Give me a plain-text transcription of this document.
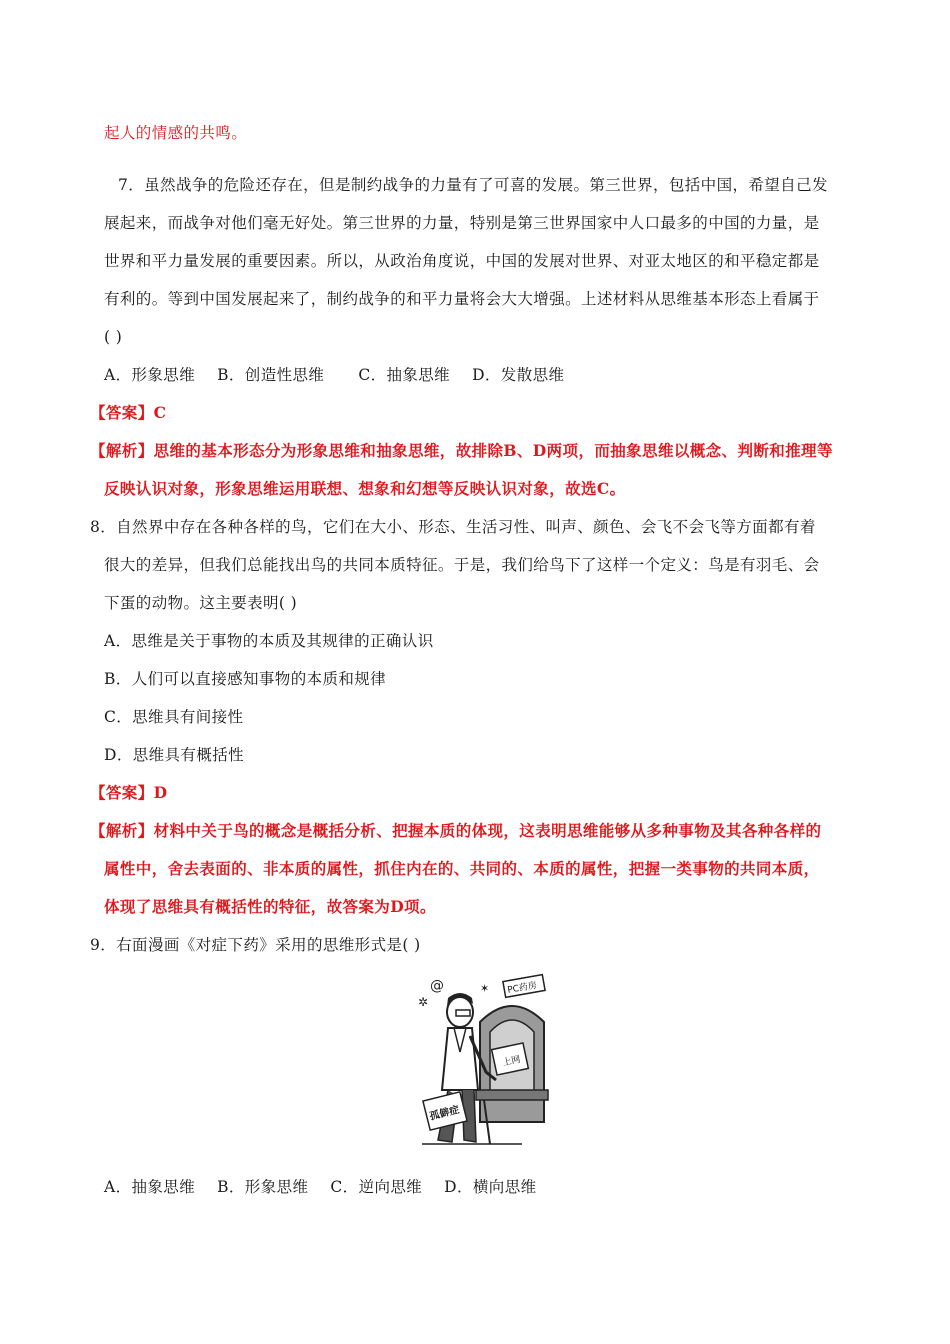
起人的情感的共鸣。
7．虽然战争的危险还存在，但是制约战争的力量有了可喜的发展。第三世界，包括中国，希望自己发
展起来，而战争对他们毫无好处。第三世界的力量，特别是第三世界国家中人口最多的中国的力量，是
世界和平力量发展的重要因素。所以，从政治角度说，中国的发展对世界、对亚太地区的和平稳定都是
有利的。等到中国发展起来了，制约战争的和平力量将会大大增强。上述材料从思维基本形态上看属于
( )
A．形象思维 B．创造性思维 C．抽象思维 D．发散思维
【答案】C
【解析】思维的基本形态分为形象思维和抽象思维，故排除B、D两项，而抽象思维以概念、判断和推理等
反映认识对象，形象思维运用联想、想象和幻想等反映认识对象，故选C。
8．自然界中存在各种各样的鸟，它们在大小、形态、生活习性、叫声、颜色、会飞不会飞等方面都有着
很大的差异，但我们总能找出鸟的共同本质特征。于是，我们给鸟下了这样一个定义：鸟是有羽毛、会
下蛋的动物。这主要表明( )
A．思维是关于事物的本质及其规律的正确认识
B．人们可以直接感知事物的本质和规律
C．思维具有间接性
D．思维具有概括性
【答案】D
【解析】材料中关于鸟的概念是概括分析、把握本质的体现，这表明思维能够从多种事物及其各种各样的
属性中，舍去表面的、非本质的属性，抓住内在的、共同的、本质的属性，把握一类事物的共同本质，
体现了思维具有概括性的特征，故答案为D项。
9．右面漫画《对症下药》采用的思维形式是( )
上网
PC药房
@
✲
✶
孤僻症
A．抽象思维 B．形象思维 C．逆向思维 D．横向思维
